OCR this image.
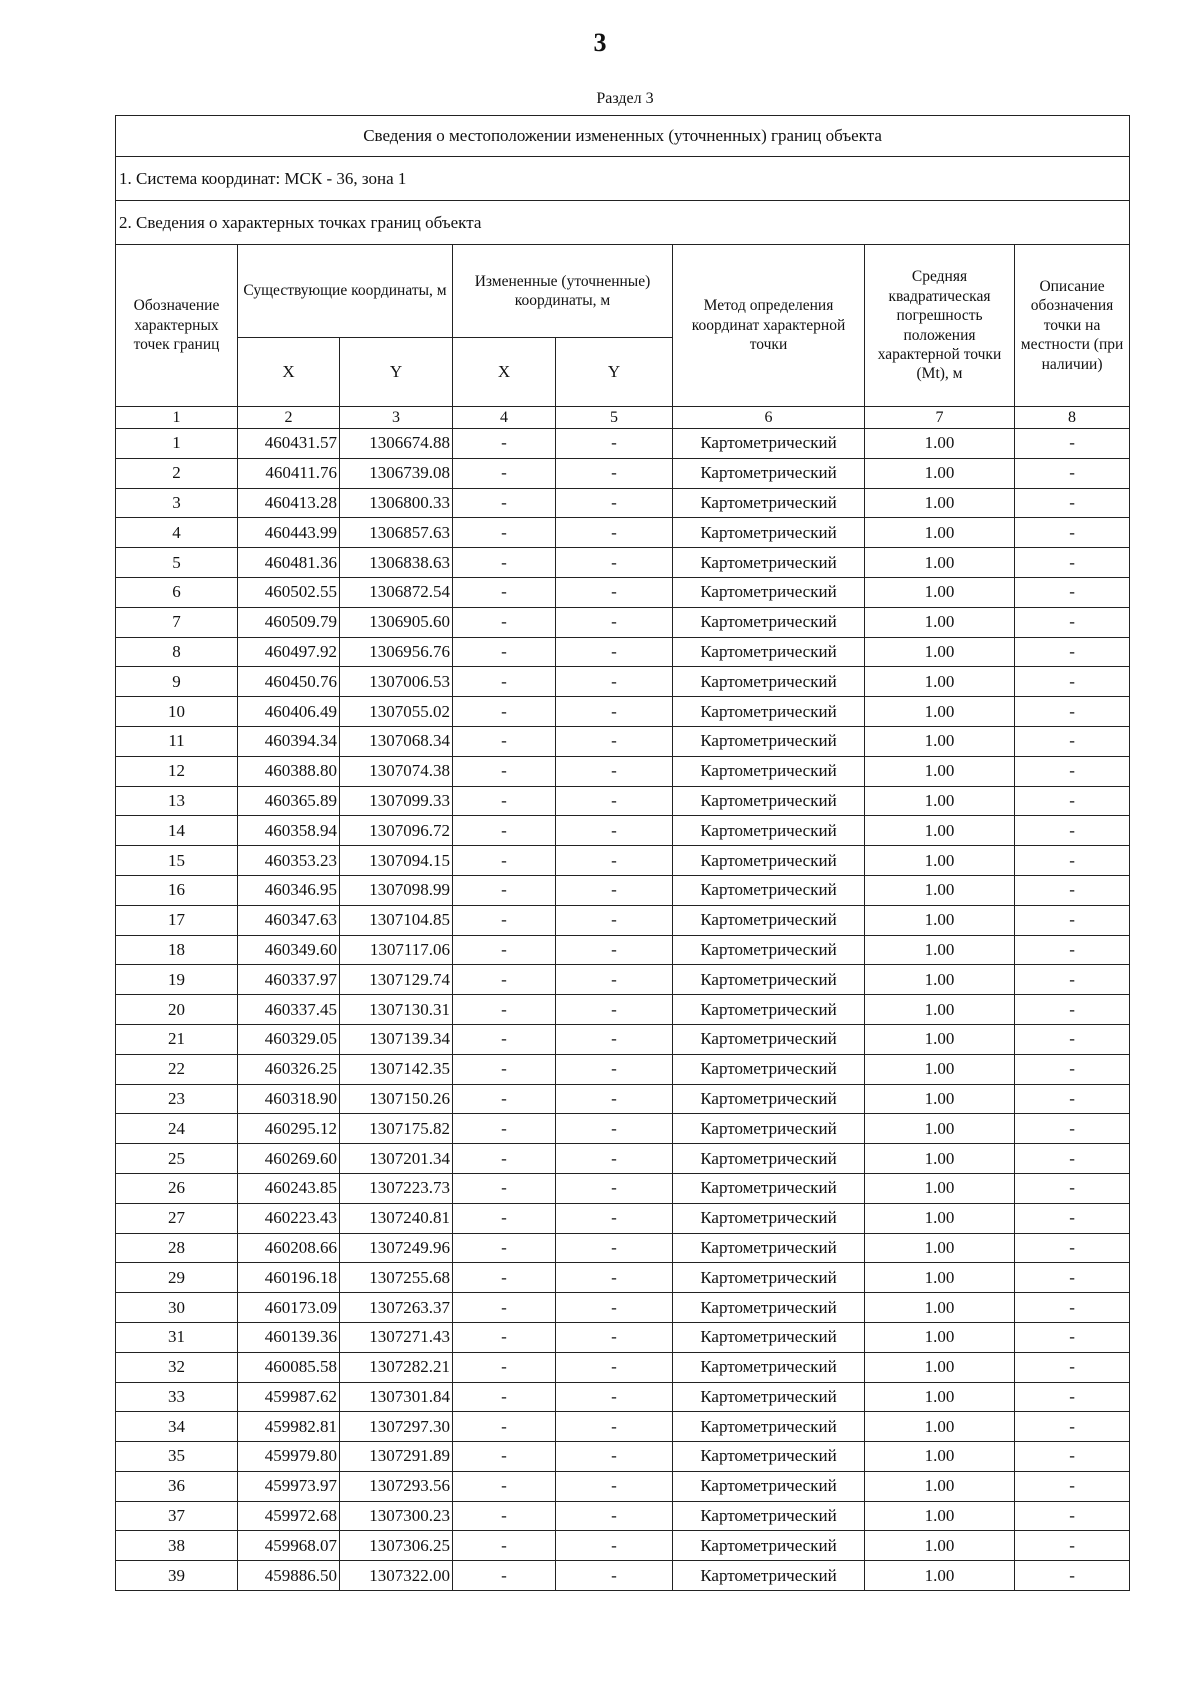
3
Раздел 3
Сведения о местоположении измененных (уточненных) границ объекта							
1. Система координат: МСК - 36, зона 1							
2. Сведения о характерных точках границ объекта							
Обозначение характерных точек границ	Существующие координаты, м		Измененные (уточненные) координаты, м		Метод определения координат характерной точки	Средняя квадратическая погрешность положения характерной точки (Mt), м	Описание обозначения точки на местности (при наличии)
	X	Y	X	Y			
1	2	3	4	5	6	7	8
1	460431.57	1306674.88	-	-	Картометрический	1.00	-
2	460411.76	1306739.08	-	-	Картометрический	1.00	-
3	460413.28	1306800.33	-	-	Картометрический	1.00	-
4	460443.99	1306857.63	-	-	Картометрический	1.00	-
5	460481.36	1306838.63	-	-	Картометрический	1.00	-
6	460502.55	1306872.54	-	-	Картометрический	1.00	-
7	460509.79	1306905.60	-	-	Картометрический	1.00	-
8	460497.92	1306956.76	-	-	Картометрический	1.00	-
9	460450.76	1307006.53	-	-	Картометрический	1.00	-
10	460406.49	1307055.02	-	-	Картометрический	1.00	-
11	460394.34	1307068.34	-	-	Картометрический	1.00	-
12	460388.80	1307074.38	-	-	Картометрический	1.00	-
13	460365.89	1307099.33	-	-	Картометрический	1.00	-
14	460358.94	1307096.72	-	-	Картометрический	1.00	-
15	460353.23	1307094.15	-	-	Картометрический	1.00	-
16	460346.95	1307098.99	-	-	Картометрический	1.00	-
17	460347.63	1307104.85	-	-	Картометрический	1.00	-
18	460349.60	1307117.06	-	-	Картометрический	1.00	-
19	460337.97	1307129.74	-	-	Картометрический	1.00	-
20	460337.45	1307130.31	-	-	Картометрический	1.00	-
21	460329.05	1307139.34	-	-	Картометрический	1.00	-
22	460326.25	1307142.35	-	-	Картометрический	1.00	-
23	460318.90	1307150.26	-	-	Картометрический	1.00	-
24	460295.12	1307175.82	-	-	Картометрический	1.00	-
25	460269.60	1307201.34	-	-	Картометрический	1.00	-
26	460243.85	1307223.73	-	-	Картометрический	1.00	-
27	460223.43	1307240.81	-	-	Картометрический	1.00	-
28	460208.66	1307249.96	-	-	Картометрический	1.00	-
29	460196.18	1307255.68	-	-	Картометрический	1.00	-
30	460173.09	1307263.37	-	-	Картометрический	1.00	-
31	460139.36	1307271.43	-	-	Картометрический	1.00	-
32	460085.58	1307282.21	-	-	Картометрический	1.00	-
33	459987.62	1307301.84	-	-	Картометрический	1.00	-
34	459982.81	1307297.30	-	-	Картометрический	1.00	-
35	459979.80	1307291.89	-	-	Картометрический	1.00	-
36	459973.97	1307293.56	-	-	Картометрический	1.00	-
37	459972.68	1307300.23	-	-	Картометрический	1.00	-
38	459968.07	1307306.25	-	-	Картометрический	1.00	-
39	459886.50	1307322.00	-	-	Картометрический	1.00	-
